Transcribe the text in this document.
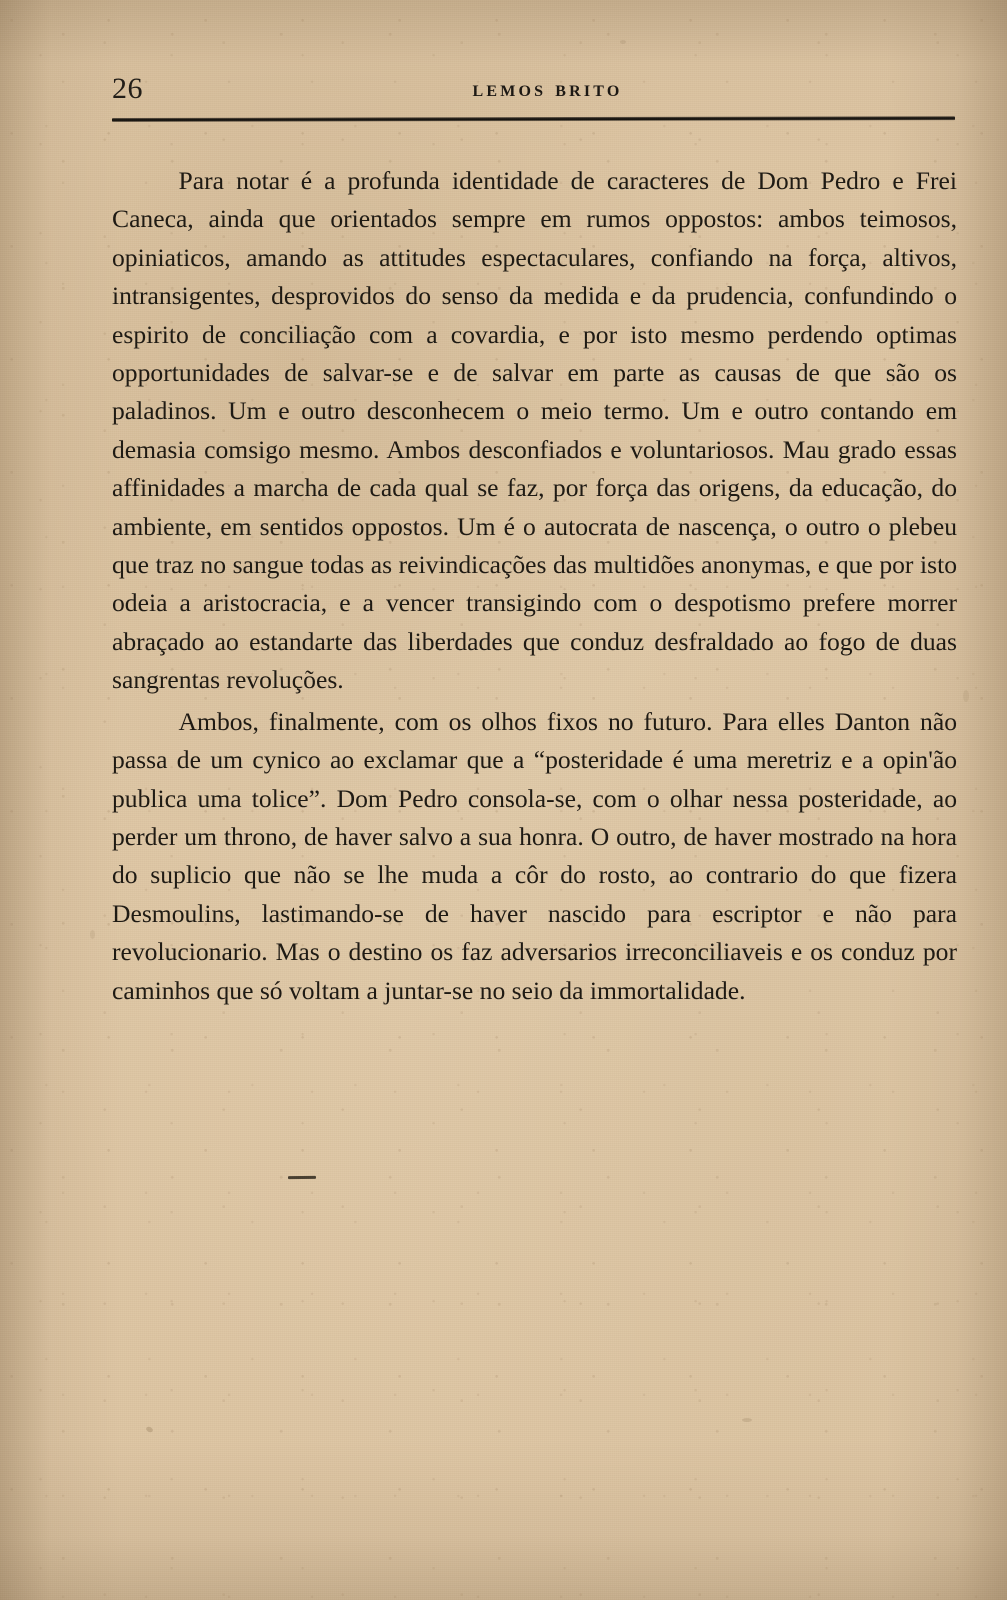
26	lemos brito

Para notar é a profunda identidade de caracteres de Dom Pedro e Frei Caneca, ainda que orientados sempre em rumos oppostos: ambos teimosos, opiniaticos, amando as attitudes espectaculares, confiando na força, altivos, intransigentes, desprovidos do senso da medida e da prudencia, confundindo o espirito de conciliação com a covardia, e por isto mesmo perdendo optimas opportunidades de salvar-se e de salvar em parte as causas de que são os paladinos. Um e outro desconhecem o meio termo. Um e outro contando em demasia comsigo mesmo. Ambos desconfiados e voluntariosos. Mau grado essas affinidades a marcha de cada qual se faz, por força das origens, da educação, do ambiente, em sentidos oppostos. Um é o autocrata de nascença, o outro o plebeu que traz no sangue todas as reivindicações das multidões anonymas, e que por isto odeia a aristocracia, e a vencer transigindo com o despotismo prefere morrer abraçado ao estandarte das liberdades que conduz desfraldado ao fogo de duas sangrentas revoluções.

Ambos, finalmente, com os olhos fixos no futuro. Para elles Danton não passa de um cynico ao exclamar que a “posteridade é uma meretriz e a opin'ão publica uma tolice”. Dom Pedro consola-se, com o olhar nessa posteridade, ao perder um throno, de haver salvo a sua honra. O outro, de haver mostrado na hora do suplicio que não se lhe muda a côr do rosto, ao contrario do que fizera Desmoulins, lastimando-se de haver nascido para escriptor e não para revolucionario. Mas o destino os faz adversarios irreconciliaveis e os conduz por caminhos que só voltam a juntar-se no seio da immortalidade.
